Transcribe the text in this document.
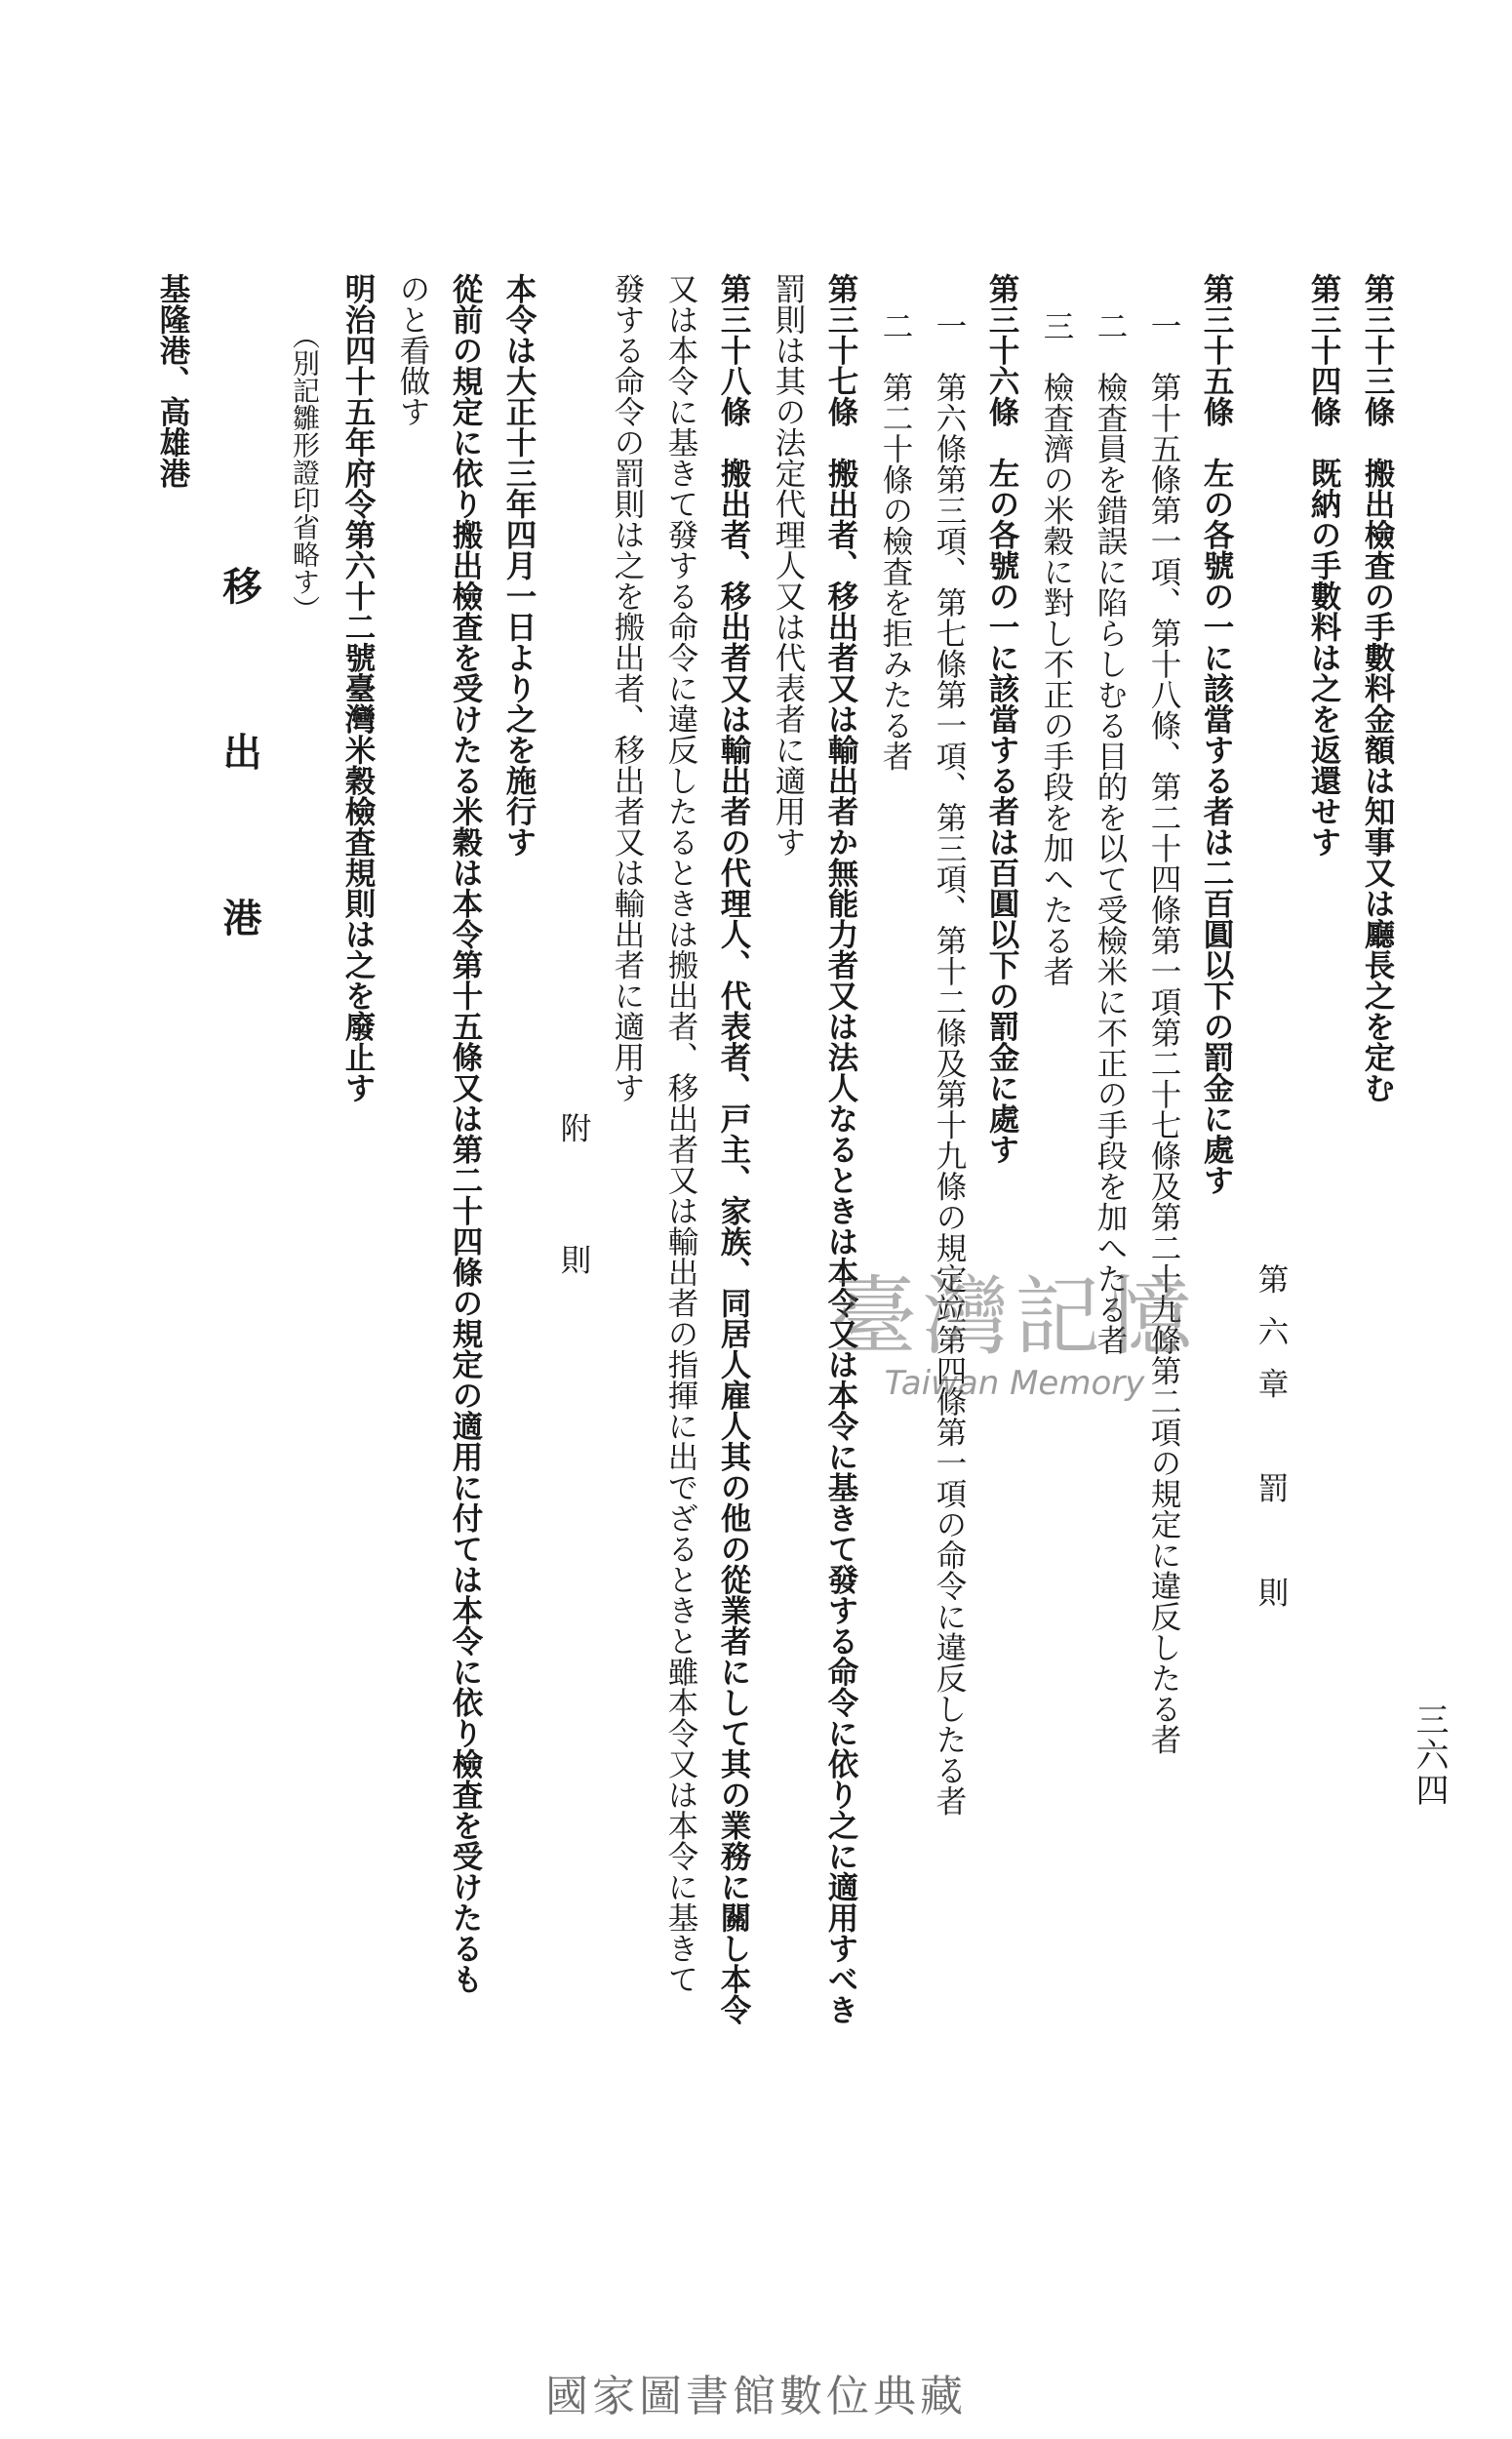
三六四
第三十三條　搬出檢査の手數料金額は知事又は廳長之を定む
第三十四條　既納の手數料は之を返還せす
第六章　罰　則
第三十五條　左の各號の一に該當する者は二百圓以下の罰金に處す
一　第十五條第一項、第十八條、第二十四條第一項第二十七條及第二十九條第二項の規定に違反したる者
二　檢査員を錯誤に陷らしむる目的を以て受檢米に不正の手段を加へたる者
三　檢査濟の米穀に對し不正の手段を加へたる者
第三十六條　左の各號の一に該當する者は百圓以下の罰金に處す
一　第六條第三項、第七條第一項、第三項、第十二條及第十九條の規定竝第四條第一項の命令に違反したる者
二　第二十條の檢査を拒みたる者
第三十七條　搬出者、移出者又は輸出者か無能力者又は法人なるときは本令又は本令に基きて發する命令に依り之に適用すべき
罰則は其の法定代理人又は代表者に適用す
第三十八條　搬出者、移出者又は輸出者の代理人、代表者、戸主、家族、同居人雇人其の他の從業者にして其の業務に關し本令
又は本令に基きて發する命令に違反したるときは搬出者、移出者又は輸出者の指揮に出でざるときと雖本令又は本令に基きて
發する命令の罰則は之を搬出者、移出者又は輸出者に適用す
附　則
本令は大正十三年四月一日より之を施行す
從前の規定に依り搬出檢査を受けたる米穀は本令第十五條又は第二十四條の規定の適用に付ては本令に依り檢査を受けたるも
のと看做す
明治四十五年府令第六十二號臺灣米穀檢査規則は之を廢止す
（別記雛形證印省略す）
移出港
基隆港、高雄港
臺灣記憶
Taiwan Memory
國家圖書館數位典藏
